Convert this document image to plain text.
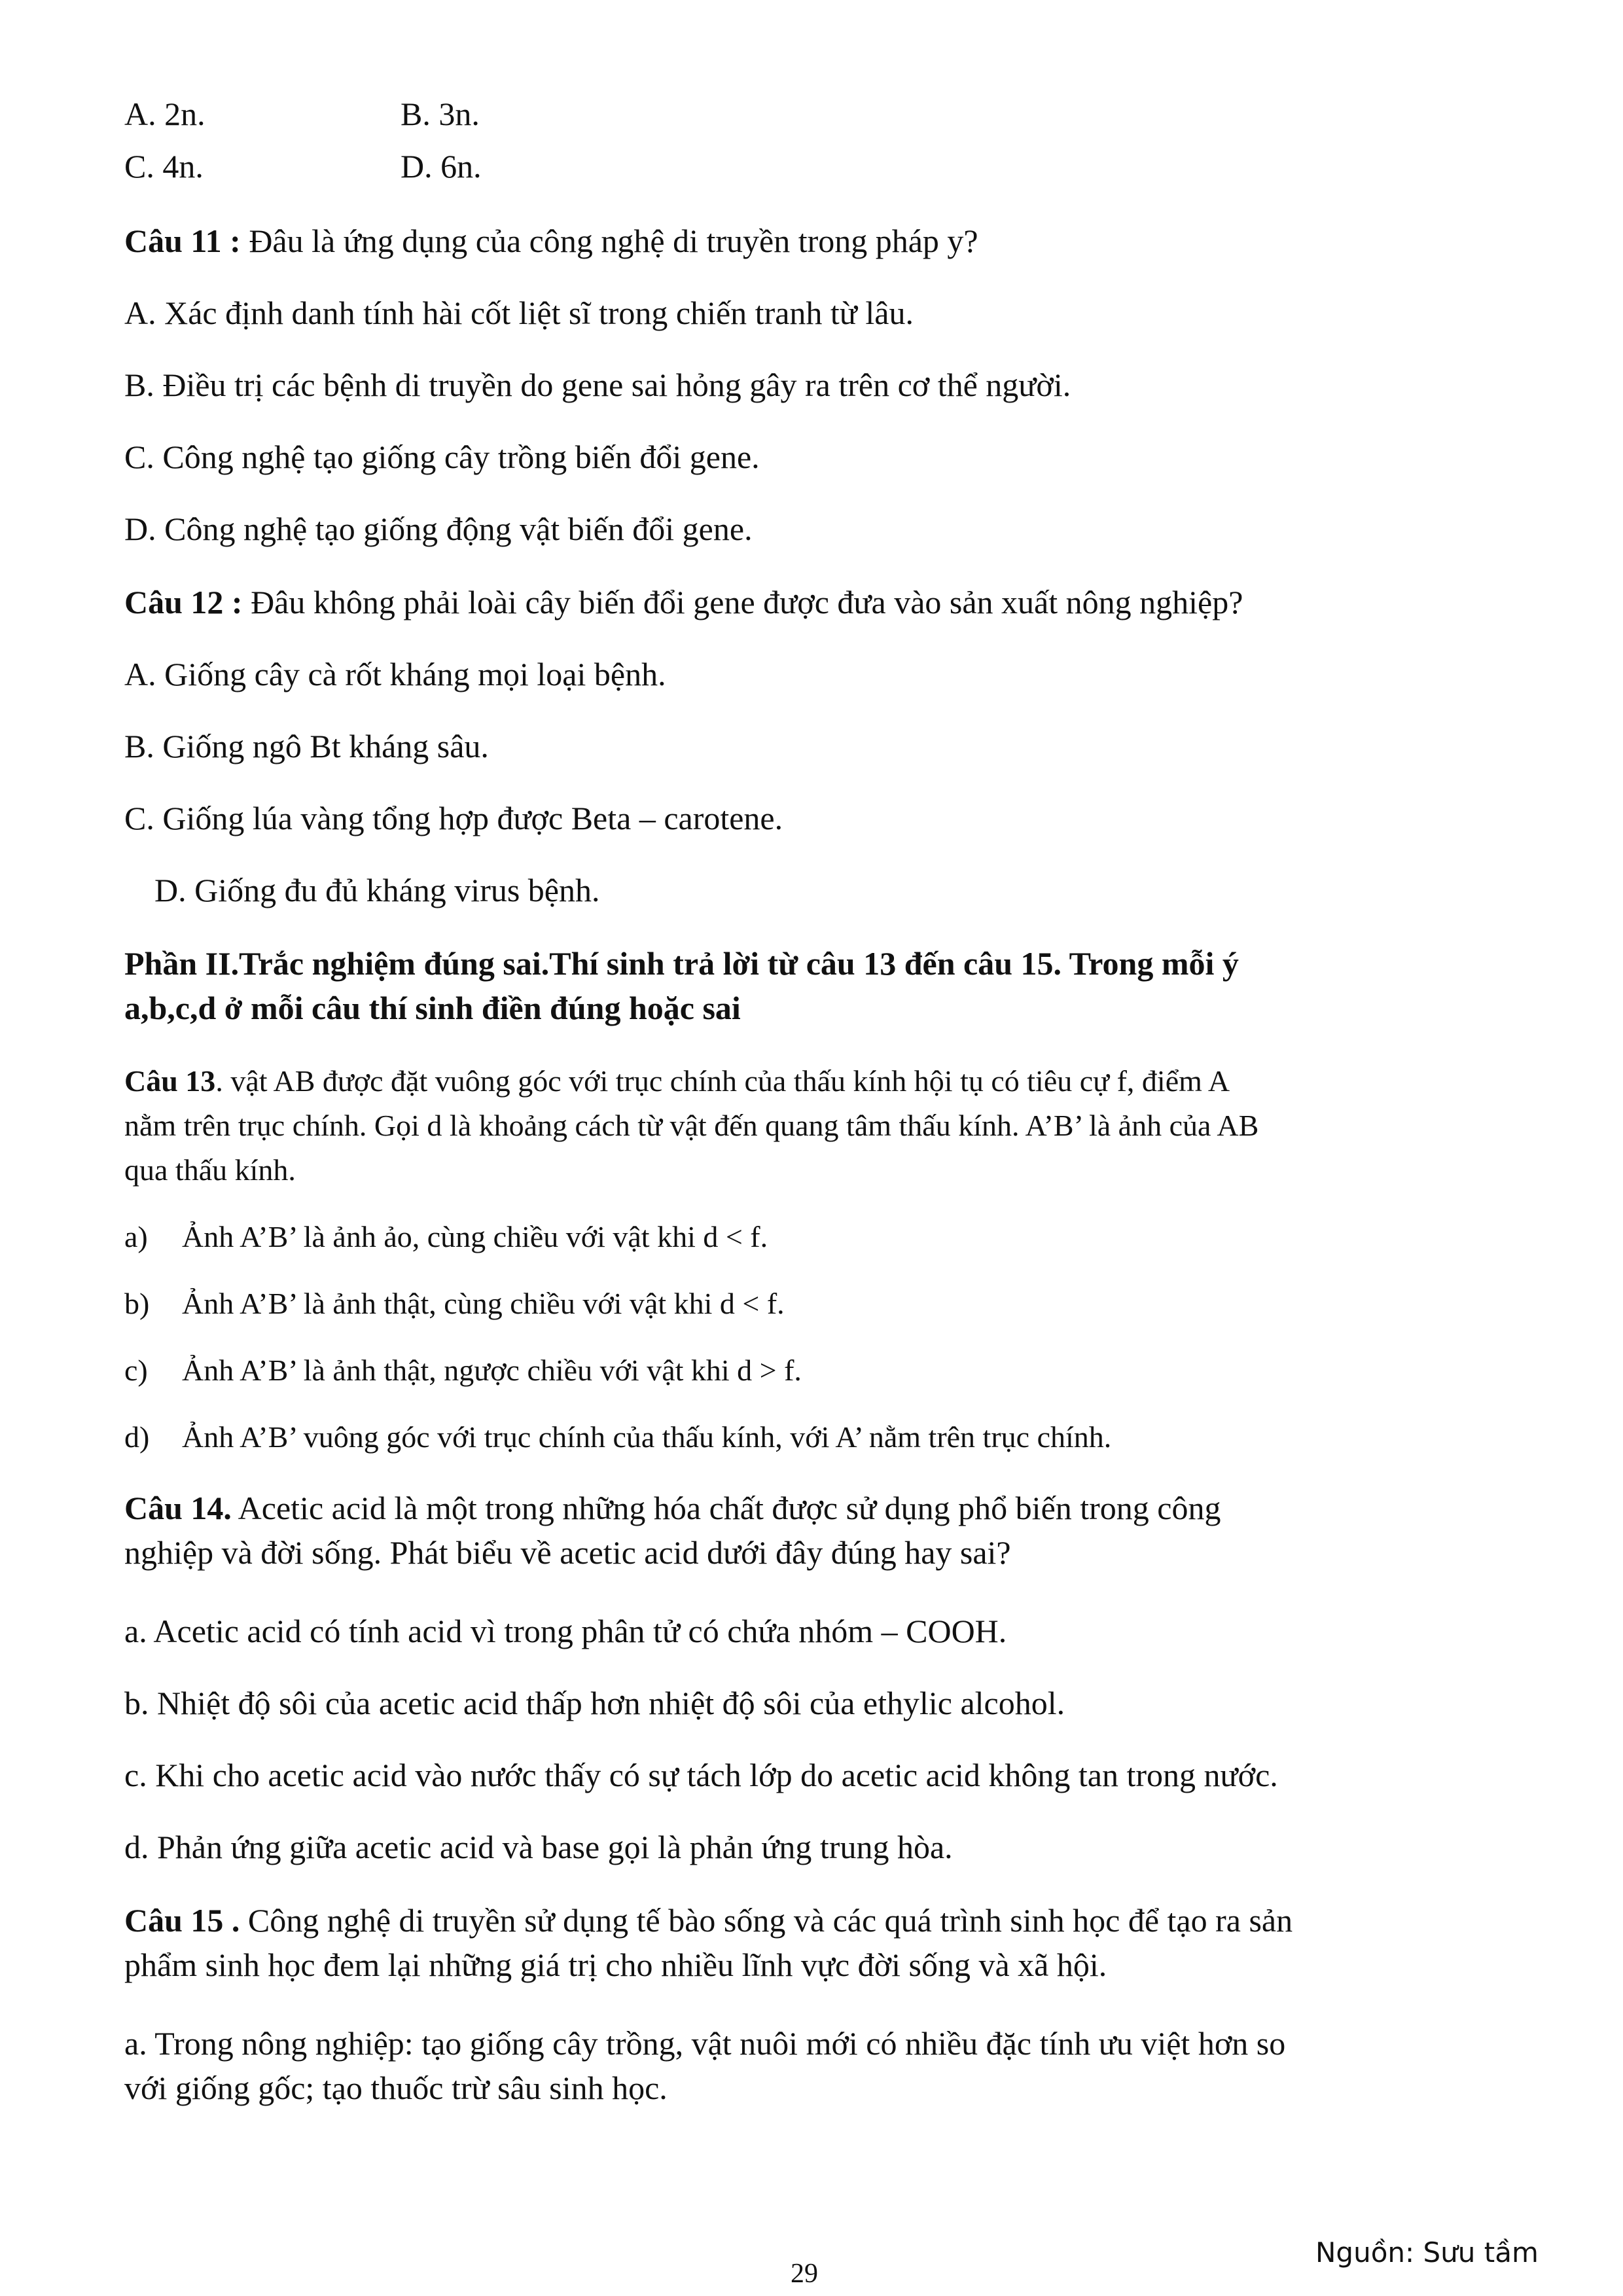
A. 2n.	B. 3n.
C. 4n.	D. 6n.
Câu 11 : Đâu là ứng dụng của công nghệ di truyền trong pháp y?
A. Xác định danh tính hài cốt liệt sĩ trong chiến tranh từ lâu.
B. Điều trị các bệnh di truyền do gene sai hỏng gây ra trên cơ thể người.
C. Công nghệ tạo giống cây trồng biến đổi gene.
D. Công nghệ tạo giống động vật biến đổi gene.
Câu 12 : Đâu không phải loài cây biến đổi gene được đưa vào sản xuất nông nghiệp?
A. Giống cây cà rốt kháng mọi loại bệnh.
B. Giống ngô Bt kháng sâu.
C. Giống lúa vàng tổng hợp được Beta – carotene.
D. Giống đu đủ kháng virus bệnh.
Phần II.Trắc nghiệm đúng sai.Thí sinh trả lời từ câu 13 đến câu 15. Trong mỗi ý
a,b,c,d ở mỗi câu thí sinh điền đúng hoặc sai
Câu 13. vật AB được đặt vuông góc với trục chính của thấu kính hội tụ có tiêu cự f, điểm A
nằm trên trục chính. Gọi d là khoảng cách từ vật đến quang tâm thấu kính. A’B’ là ảnh của AB
qua thấu kính.
a) Ảnh A’B’ là ảnh ảo, cùng chiều với vật khi d < f.
b) Ảnh A’B’ là ảnh thật, cùng chiều với vật khi d < f.
c) Ảnh A’B’ là ảnh thật, ngược chiều với vật khi d > f.
d) Ảnh A’B’ vuông góc với trục chính của thấu kính, với A’ nằm trên trục chính.
Câu 14. Acetic acid là một trong những hóa chất được sử dụng phổ biến trong công
nghiệp và đời sống. Phát biểu về acetic acid dưới đây đúng hay sai?
a. Acetic acid có tính acid vì trong phân tử có chứa nhóm – COOH.
b. Nhiệt độ sôi của acetic acid thấp hơn nhiệt độ sôi của ethylic alcohol.
c. Khi cho acetic acid vào nước thấy có sự tách lớp do acetic acid không tan trong nước.
d. Phản ứng giữa acetic acid và base gọi là phản ứng trung hòa.
Câu 15 . Công nghệ di truyền sử dụng tế bào sống và các quá trình sinh học để tạo ra sản
phẩm sinh học đem lại những giá trị cho nhiều lĩnh vực đời sống và xã hội.
a. Trong nông nghiệp: tạo giống cây trồng, vật nuôi mới có nhiều đặc tính ưu việt hơn so
với giống gốc; tạo thuốc trừ sâu sinh học.
Nguồn: Sưu tầm
29
